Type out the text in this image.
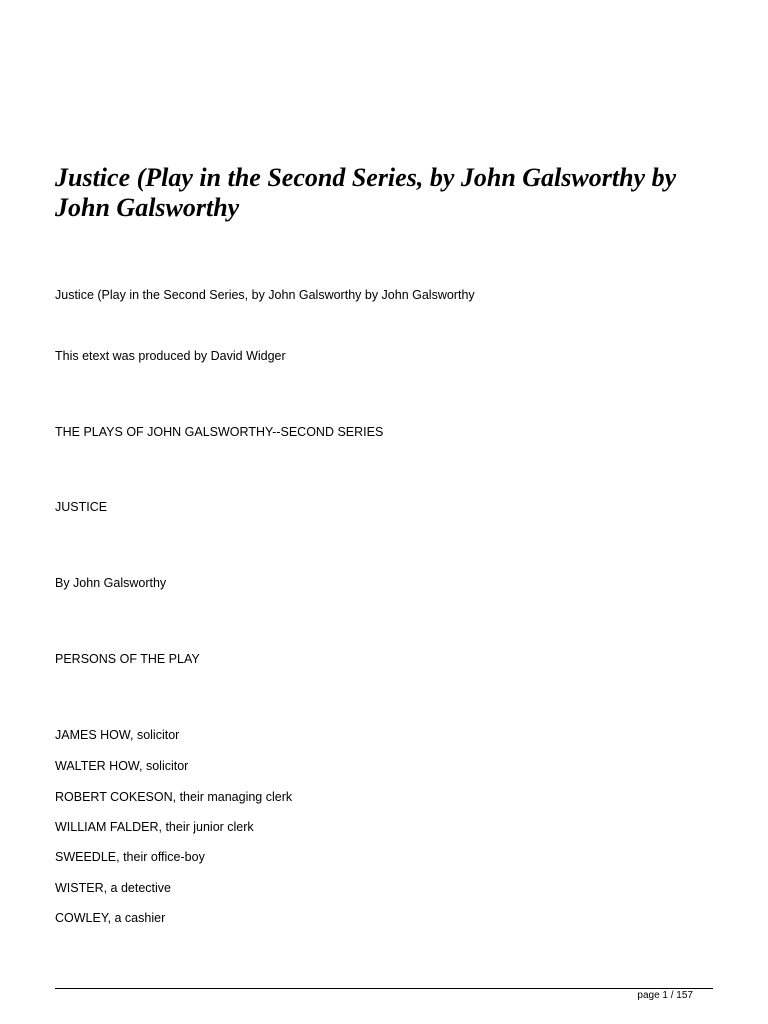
Justice (Play in the Second Series, by John Galsworthy by John Galsworthy

Justice (Play in the Second Series, by John Galsworthy by John Galsworthy

This etext was produced by David Widger

THE PLAYS OF JOHN GALSWORTHY--SECOND SERIES

JUSTICE

By John Galsworthy

PERSONS OF THE PLAY

JAMES HOW, solicitor

WALTER HOW, solicitor

ROBERT COKESON, their managing clerk

WILLIAM FALDER, their junior clerk

SWEEDLE, their office-boy

WISTER, a detective

COWLEY, a cashier

page 1 / 157
